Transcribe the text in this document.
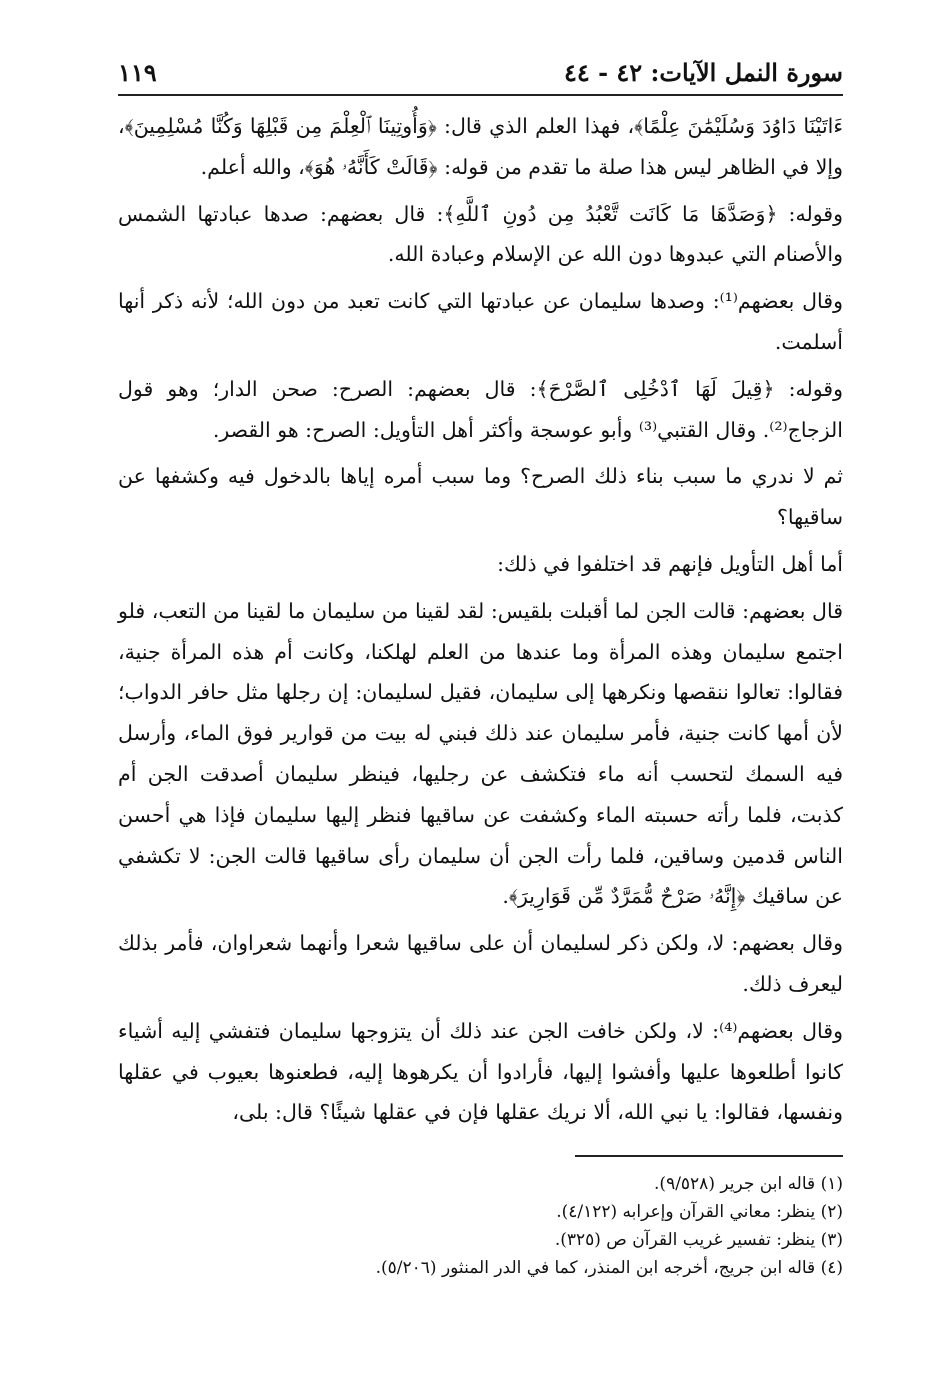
سورة النمل الآيات: ٤٢ - ٤٤
١١٩

ءَاتَيْنَا دَاوُدَ وَسُلَيْمَٰنَ عِلْمًا﴾، فهذا العلم الذي قال: ﴿وَأُوتِينَا ٱلْعِلْمَ مِن قَبْلِهَا وَكُنَّا مُسْلِمِينَ﴾، وإلا في الظاهر ليس هذا صلة ما تقدم من قوله: ﴿قَالَتْ كَأَنَّهُۥ هُوَ﴾، والله أعلم.

وقوله: ﴿وَصَدَّهَا مَا كَانَت تَّعْبُدُ مِن دُونِ ٱللَّهِ﴾: قال بعضهم: صدها عبادتها الشمس والأصنام التي عبدوها دون الله عن الإسلام وعبادة الله.

وقال بعضهم⁽¹⁾: وصدها سليمان عن عبادتها التي كانت تعبد من دون الله؛ لأنه ذكر أنها أسلمت.

وقوله: ﴿قِيلَ لَهَا ٱدْخُلِى ٱلصَّرْحَ﴾: قال بعضهم: الصرح: صحن الدار؛ وهو قول الزجاج⁽²⁾. وقال القتبي⁽³⁾ وأبو عوسجة وأكثر أهل التأويل: الصرح: هو القصر.

ثم لا ندري ما سبب بناء ذلك الصرح؟ وما سبب أمره إياها بالدخول فيه وكشفها عن ساقيها؟

أما أهل التأويل فإنهم قد اختلفوا في ذلك:

قال بعضهم: قالت الجن لما أقبلت بلقيس: لقد لقينا من سليمان ما لقينا من التعب، فلو اجتمع سليمان وهذه المرأة وما عندها من العلم لهلكنا، وكانت أم هذه المرأة جنية، فقالوا: تعالوا ننقصها ونكرهها إلى سليمان، فقيل لسليمان: إن رجلها مثل حافر الدواب؛ لأن أمها كانت جنية، فأمر سليمان عند ذلك فبني له بيت من قوارير فوق الماء، وأرسل فيه السمك لتحسب أنه ماء فتكشف عن رجليها، فينظر سليمان أصدقت الجن أم كذبت، فلما رأته حسبته الماء وكشفت عن ساقيها فنظر إليها سليمان فإذا هي أحسن الناس قدمين وساقين، فلما رأت الجن أن سليمان رأى ساقيها قالت الجن: لا تكشفي عن ساقيك ﴿إِنَّهُۥ صَرْحٌ مُّمَرَّدٌ مِّن قَوَارِيرَ﴾.

وقال بعضهم: لا، ولكن ذكر لسليمان أن على ساقيها شعرا وأنهما شعراوان، فأمر بذلك ليعرف ذلك.

وقال بعضهم⁽⁴⁾: لا، ولكن خافت الجن عند ذلك أن يتزوجها سليمان فتفشي إليه أشياء كانوا أطلعوها عليها وأفشوا إليها، فأرادوا أن يكرهوها إليه، فطعنوها بعيوب في عقلها ونفسها، فقالوا: يا نبي الله، ألا نريك عقلها فإن في عقلها شيئًا؟ قال: بلى،

(١) قاله ابن جرير (٩/٥٢٨).
(٢) ينظر: معاني القرآن وإعرابه (٤/١٢٢).
(٣) ينظر: تفسير غريب القرآن ص (٣٢٥).
(٤) قاله ابن جريج، أخرجه ابن المنذر، كما في الدر المنثور (٥/٢٠٦).
